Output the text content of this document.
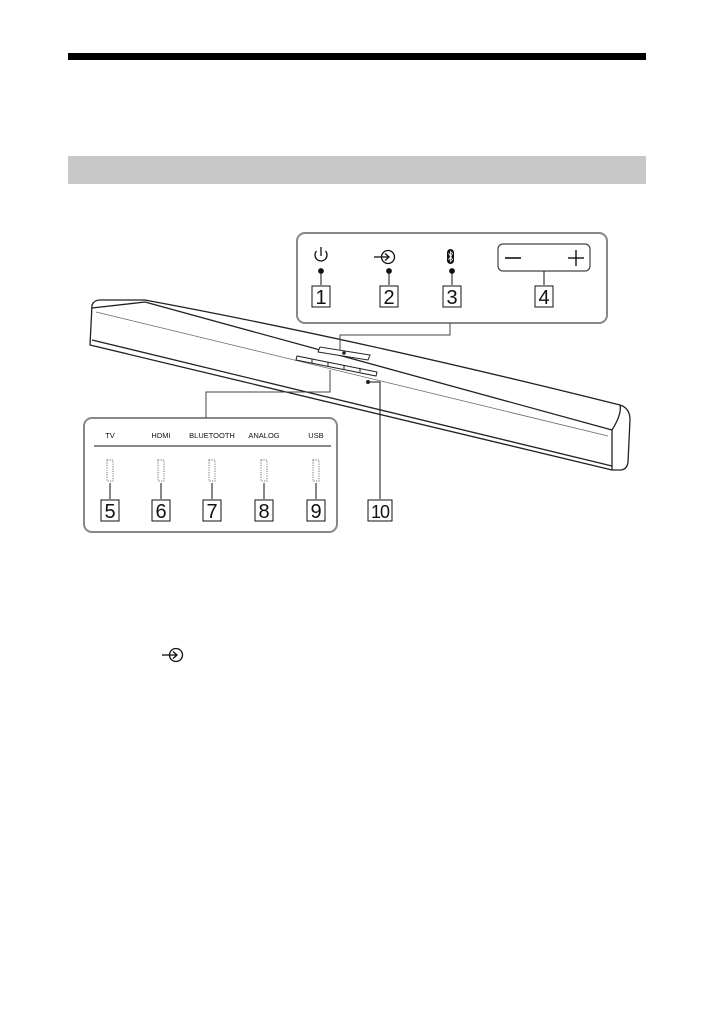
1	2	3	4
TV	HDMI BLUETOOTH ANALOG	USB
5 6 7 8 9	10
